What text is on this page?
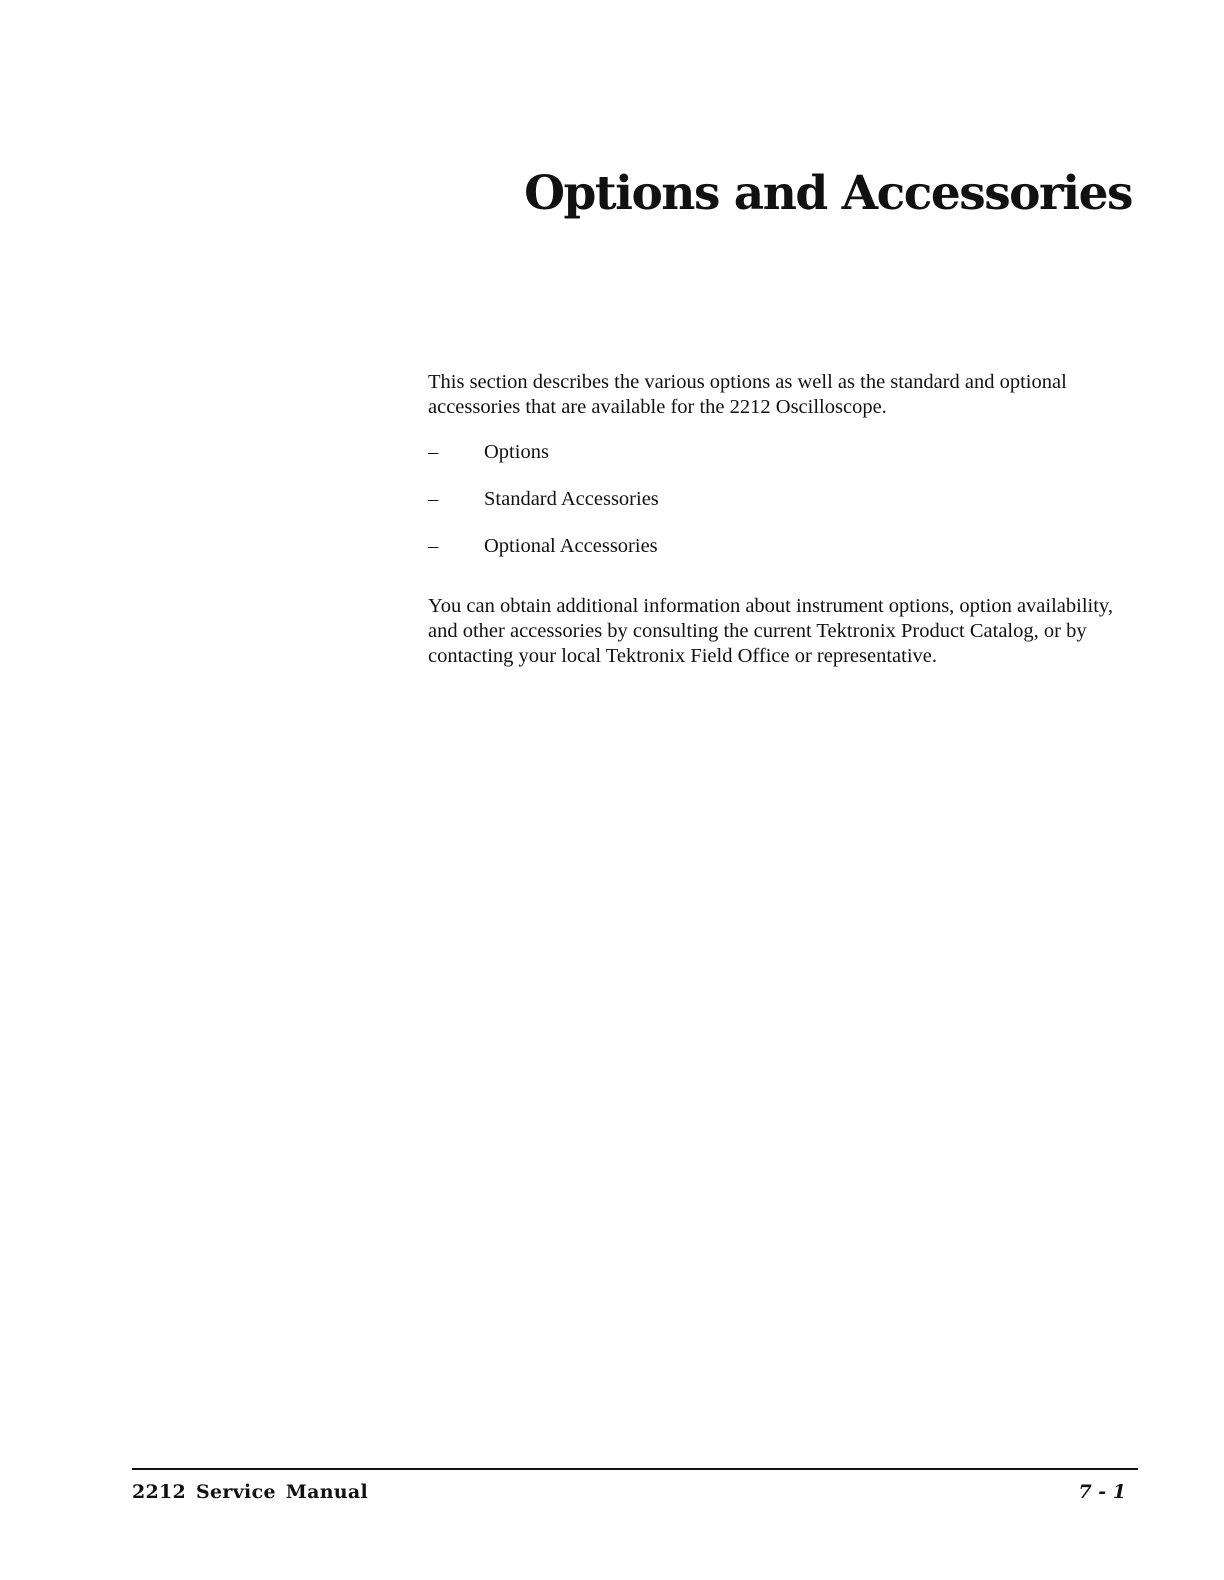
Options and Accessories

This section describes the various options as well as the standard and optional accessories that are available for the 2212 Oscilloscope.

–	Options
–	Standard Accessories
–	Optional Accessories

You can obtain additional information about instrument options, option availability, and other accessories by consulting the current Tektronix Product Catalog, or by contacting your local Tektronix Field Office or representative.

2212 Service Manual	7 - 1
